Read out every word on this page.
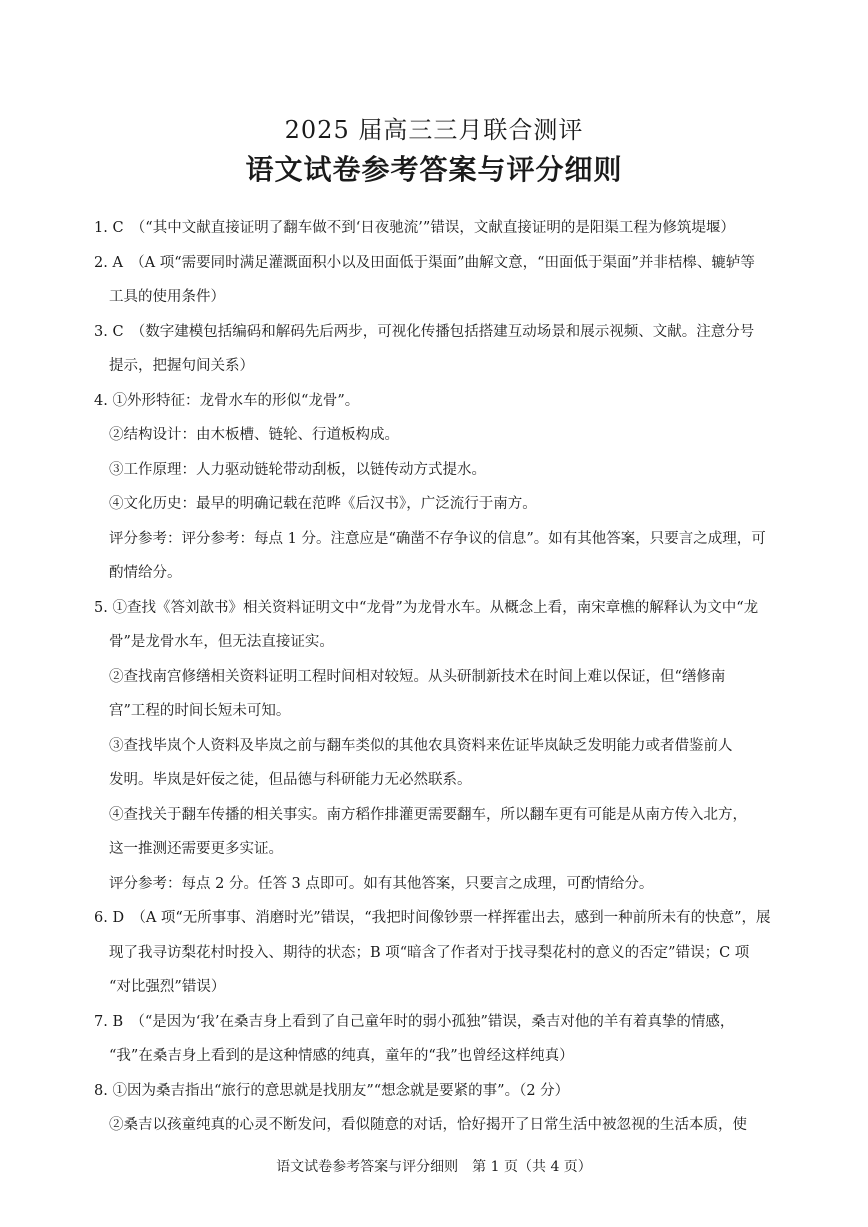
2025 届高三三月联合测评
语文试卷参考答案与评分细则
1. C　（“其中文献直接证明了翻车做不到‘日夜驰流’”错误，文献直接证明的是阳渠工程为修筑堤堰）
2. A　（A 项“需要同时满足灌溉面积小以及田面低于渠面”曲解文意，“田面低于渠面”并非桔槔、辘轳等
工具的使用条件）
3. C　（数字建模包括编码和解码先后两步，可视化传播包括搭建互动场景和展示视频、文献。注意分号
提示，把握句间关系）
4. ①外形特征：龙骨水车的形似“龙骨”。
②结构设计：由木板槽、链轮、行道板构成。
③工作原理：人力驱动链轮带动刮板，以链传动方式提水。
④文化历史：最早的明确记载在范晔《后汉书》，广泛流行于南方。
评分参考：评分参考：每点 1 分。注意应是“确凿不存争议的信息”。如有其他答案，只要言之成理，可
酌情给分。
5. ①查找《答刘歆书》相关资料证明文中“龙骨”为龙骨水车。从概念上看，南宋章樵的解释认为文中“龙
骨”是龙骨水车，但无法直接证实。
②查找南宫修缮相关资料证明工程时间相对较短。从头研制新技术在时间上难以保证，但“缮修南
宫”工程的时间长短未可知。
③查找毕岚个人资料及毕岚之前与翻车类似的其他农具资料来佐证毕岚缺乏发明能力或者借鉴前人
发明。毕岚是奸佞之徒，但品德与科研能力无必然联系。
④查找关于翻车传播的相关事实。南方稻作排灌更需要翻车，所以翻车更有可能是从南方传入北方，
这一推测还需要更多实证。
评分参考：每点 2 分。任答 3 点即可。如有其他答案，只要言之成理，可酌情给分。
6. D　（A 项“无所事事、消磨时光”错误，“我把时间像钞票一样挥霍出去，感到一种前所未有的快意”，展
现了我寻访梨花村时投入、期待的状态；B 项“暗含了作者对于找寻梨花村的意义的否定”错误；C 项
“对比强烈”错误）
7. B　（“是因为‘我’在桑吉身上看到了自己童年时的弱小孤独”错误，桑吉对他的羊有着真挚的情感，
“我”在桑吉身上看到的是这种情感的纯真，童年的“我”也曾经这样纯真）
8. ①因为桑吉指出“旅行的意思就是找朋友”“想念就是要紧的事”。（2 分）
②桑吉以孩童纯真的心灵不断发问，看似随意的对话，恰好揭开了日常生活中被忽视的生活本质，使
语文试卷参考答案与评分细则　第 1 页（共 4 页）
